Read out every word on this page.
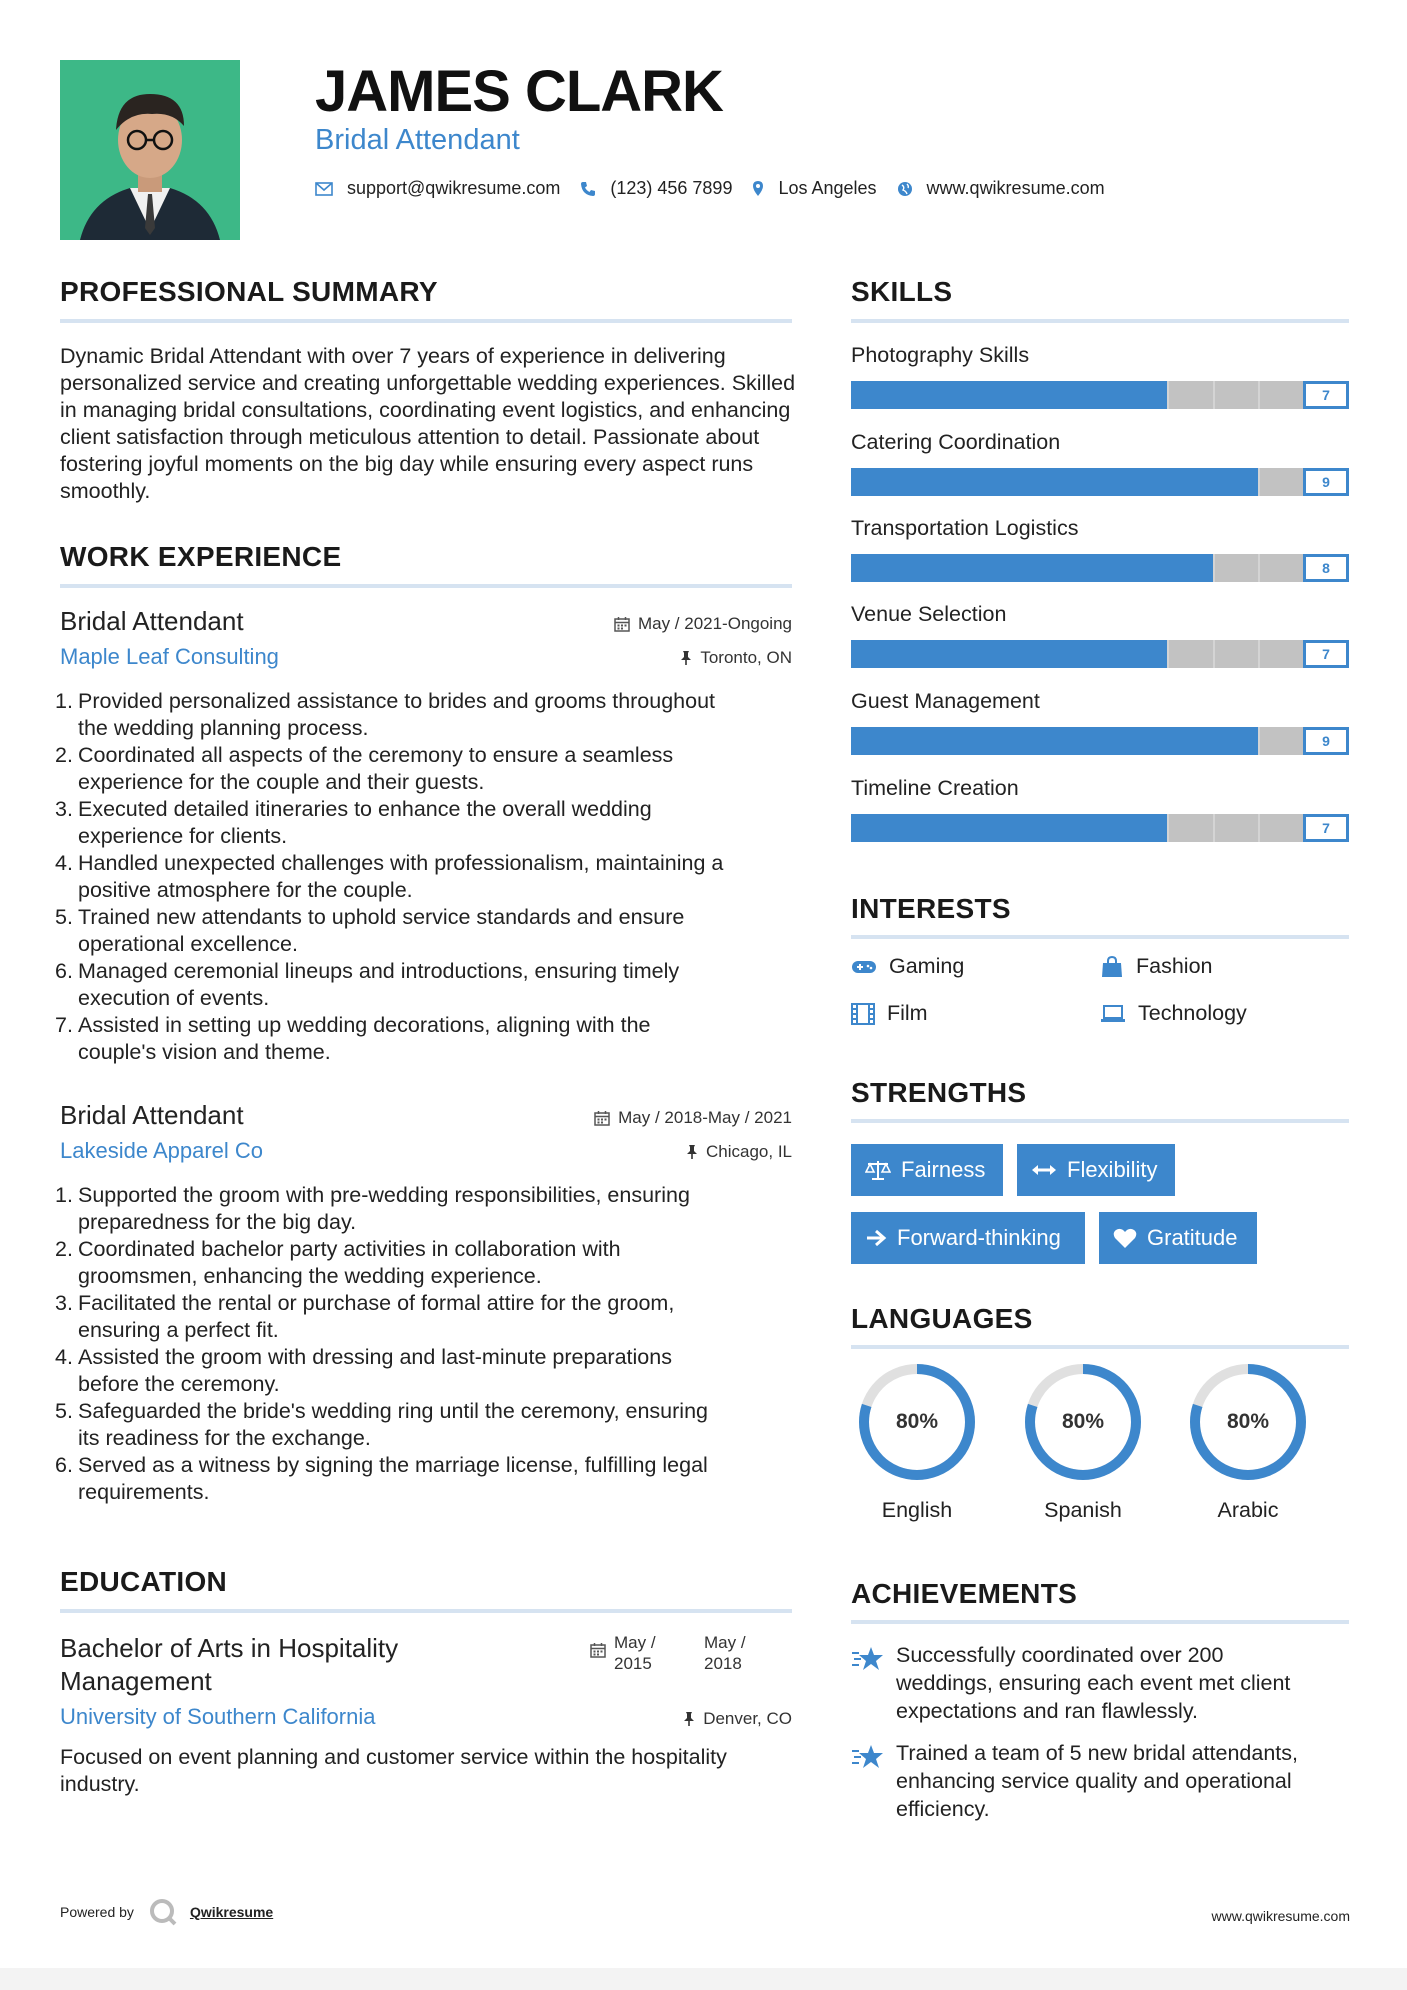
JAMES CLARK
Bridal Attendant
support@qwikresume.com	(123) 456 7899	Los Angeles	www.qwikresume.com
PROFESSIONAL SUMMARY
Dynamic Bridal Attendant with over 7 years of experience in delivering personalized service and creating unforgettable wedding experiences. Skilled in managing bridal consultations, coordinating event logistics, and enhancing client satisfaction through meticulous attention to detail. Passionate about fostering joyful moments on the big day while ensuring every aspect runs smoothly.
WORK EXPERIENCE
Bridal Attendant
Maple Leaf Consulting
May / 2021-Ongoing
Toronto, ON
1. Provided personalized assistance to brides and grooms throughout
the wedding planning process.
2. Coordinated all aspects of the ceremony to ensure a seamless
experience for the couple and their guests.
3. Executed detailed itineraries to enhance the overall wedding
experience for clients.
4. Handled unexpected challenges with professionalism, maintaining a
positive atmosphere for the couple.
5. Trained new attendants to uphold service standards and ensure
operational excellence.
6. Managed ceremonial lineups and introductions, ensuring timely
execution of events.
7. Assisted in setting up wedding decorations, aligning with the
couple's vision and theme.
Bridal Attendant
Lakeside Apparel Co
May / 2018-May / 2021
Chicago, IL
1. Supported the groom with pre-wedding responsibilities, ensuring
preparedness for the big day.
2. Coordinated bachelor party activities in collaboration with
groomsmen, enhancing the wedding experience.
3. Facilitated the rental or purchase of formal attire for the groom,
ensuring a perfect fit.
4. Assisted the groom with dressing and last-minute preparations
before the ceremony.
5. Safeguarded the bride's wedding ring until the ceremony, ensuring
its readiness for the exchange.
6. Served as a witness by signing the marriage license, fulfilling legal
requirements.
EDUCATION
Bachelor of Arts in Hospitality
Management
University of Southern California
May /
2015
May /
2018
Denver, CO
Focused on event planning and customer service within the hospitality industry.
SKILLS
Photography Skills
7
Catering Coordination
9
Transportation Logistics
8
Venue Selection
7
Guest Management
9
Timeline Creation
7
INTERESTS
Gaming	Fashion
Film	Technology
STRENGTHS
Fairness	Flexibility
Forward-thinking	Gratitude
LANGUAGES
80%
English
80%
Spanish
80%
Arabic
ACHIEVEMENTS
Successfully coordinated over 200
weddings, ensuring each event met client
expectations and ran flawlessly.
Trained a team of 5 new bridal attendants,
enhancing service quality and operational
efficiency.
Powered by	Qwikresume	www.qwikresume.com
